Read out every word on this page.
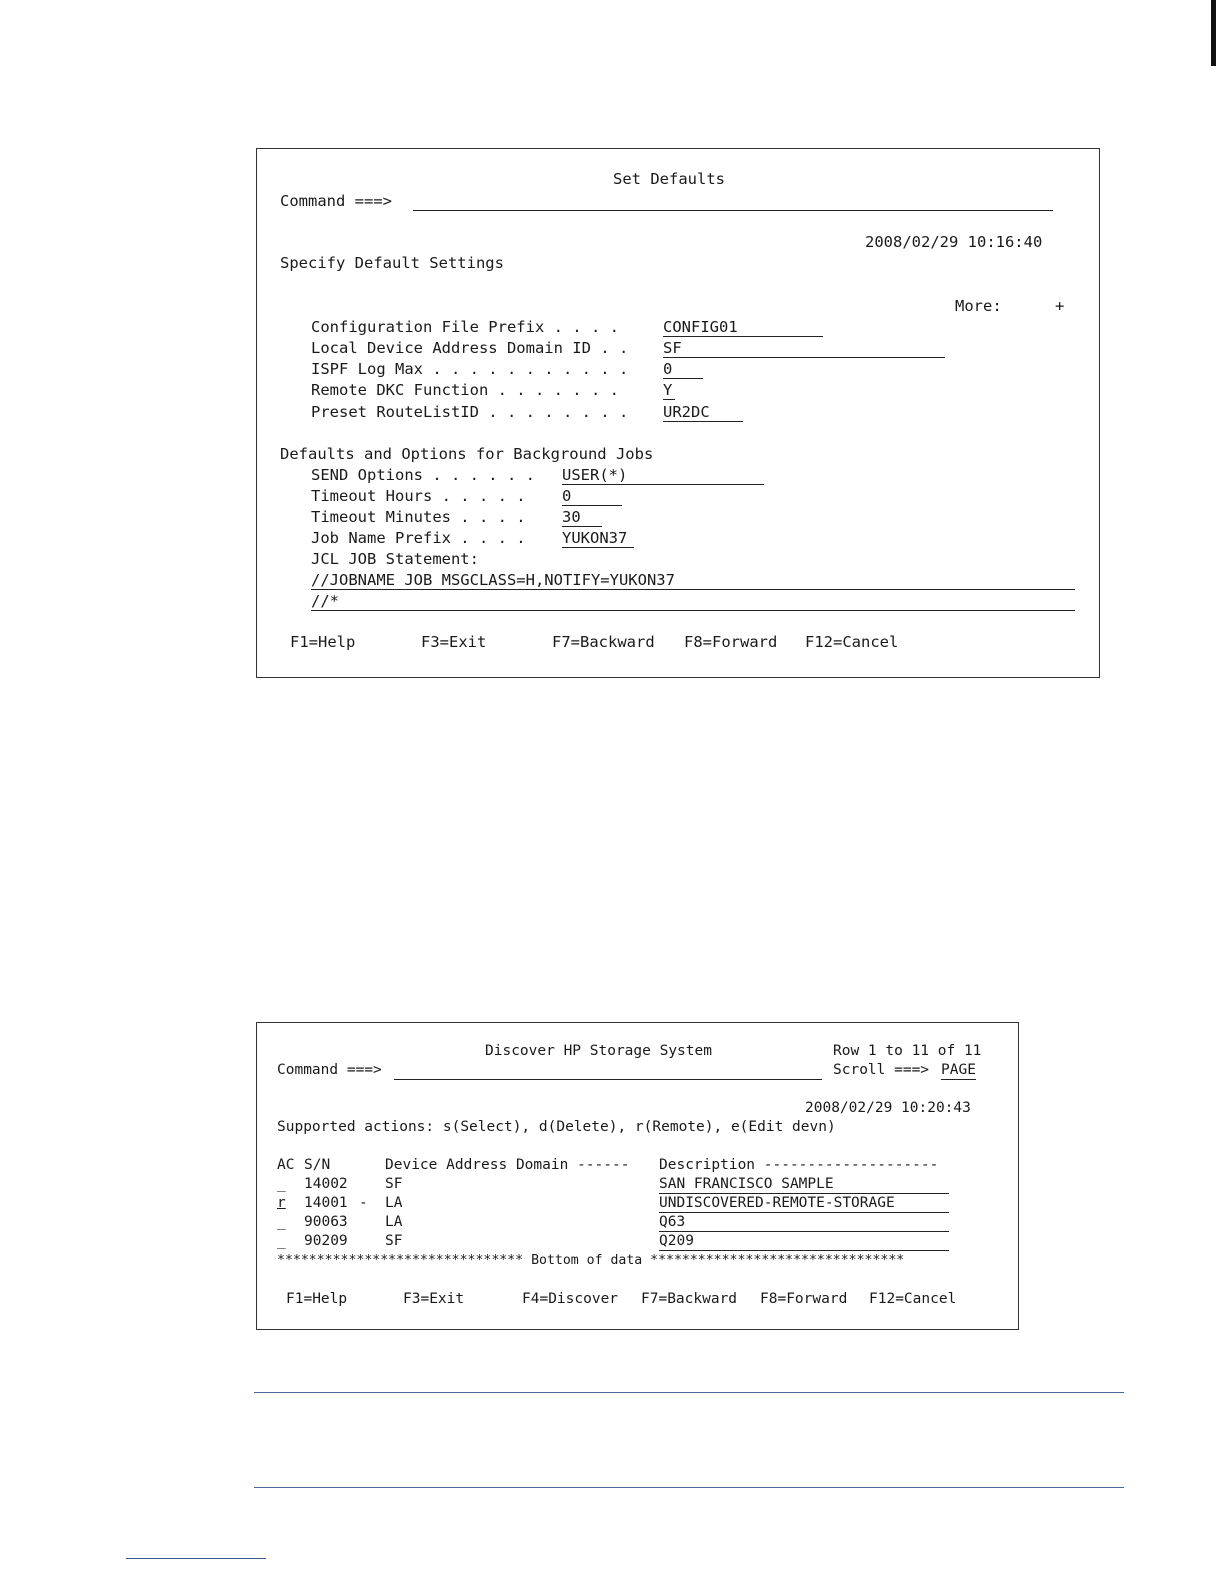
Set Defaults
Command ===>
2008/02/29 10:16:40
Specify Default Settings
More:	+
Configuration File Prefix . . . .	CONFIG01
Local Device Address Domain ID . . SF
ISPF Log Max . . . . . . . . . . . 0
Remote DKC Function . . . . . . .	Y
Preset RouteListID . . . . . . . . UR2DC
Defaults and Options for Background Jobs
SEND Options . . . . . . USER(*)
Timeout Hours . . . . . 0
Timeout Minutes . . . . 30
Job Name Prefix . . . . YUKON37
JCL JOB Statement:
//JOBNAME JOB MSGCLASS=H,NOTIFY=YUKON37
//*
F1=Help	F3=Exit	F7=Backward F8=Forward F12=Cancel
Discover HP Storage System	Row 1 to 11 of 11
Command ===>	Scroll ===> PAGE
2008/02/29 10:20:43
Supported actions: s(Select), d(Delete), r(Remote), e(Edit devn)
AC S/N	Device Address Domain ------ Description --------------------
_ 14002	SF	SAN FRANCISCO SAMPLE
r 14001 - LA	UNDISCOVERED-REMOTE-STORAGE
_ 90063	LA	Q63
_ 90209	SF	Q209
******************************* Bottom of data ********************************
F1=Help	F3=Exit	F4=Discover F7=Backward F8=Forward F12=Cancel
